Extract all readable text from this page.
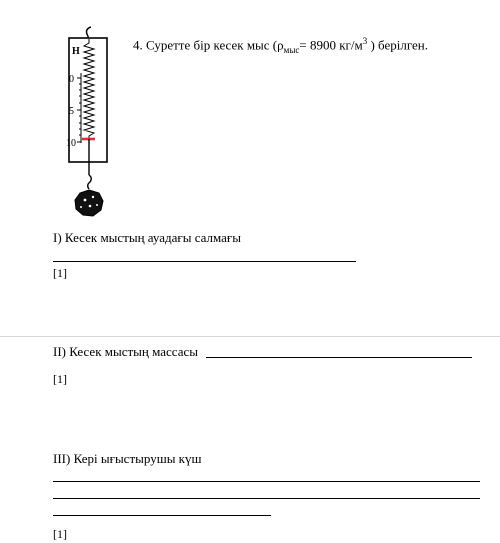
Н
0
5
10
4. Суретте бір кесек мыс ($\rho_{мыс}= 8900$ $кг/м^3$ ) берілген.
I) Кесек мыстың ауадағы салмағы
[1]
II) Кесек мыстың массасы
[1]
III) Кері ығыстырушы күш
[1]
